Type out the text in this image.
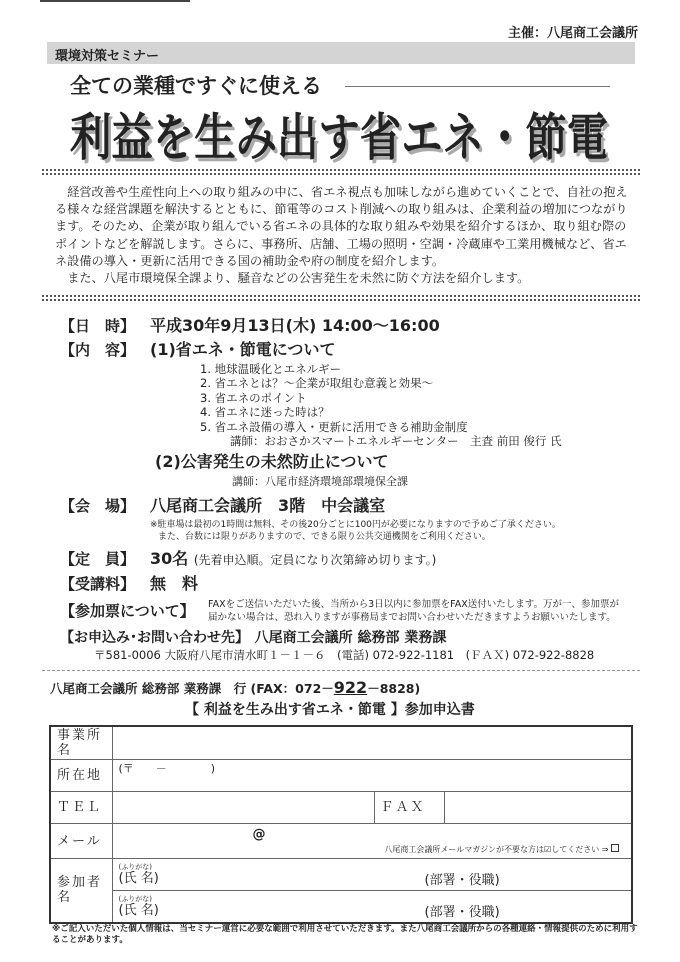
主催：八尾商工会議所
環境対策セミナー
全ての業種ですぐに使える
利益を生み出す省エネ・節電

経営改善や生産性向上への取り組みの中に、省エネ視点も加味しながら進めていくことで、自社の抱える様々な経営課題を解決するとともに、節電等のコスト削減への取り組みは、企業利益の増加につながります。そのため、企業が取り組んでいる省エネの具体的な取り組みや効果を紹介するほか、取り組む際のポイントなどを解説します。さらに、事務所、店舗、工場の照明・空調・冷蔵庫や工業用機械など、省エネ設備の導入・更新に活用できる国の補助金や府の制度を紹介します。

また、八尾市環境保全課より、騒音などの公害発生を未然に防ぐ方法を紹介します。

【日　時】 平成30年9月13日(木) 14:00～16:00
【内　容】 (1)省エネ・節電について
1. 地球温暖化とエネルギー
2. 省エネとは？～企業が取組む意義と効果～
3. 省エネのポイント
4. 省エネに迷った時は？
5. 省エネ設備の導入・更新に活用できる補助金制度
講師：おおさかスマートエネルギーセンター　主査 前田 俊行 氏
(2)公害発生の未然防止について
講師：八尾市経済環境部環境保全課
【会　場】 八尾商工会議所　3階　中会議室
※駐車場は最初の1時間は無料、その後20分ごとに100円が必要になりますので予めご了承ください。
また、台数には限りがありますので、できる限り公共交通機関をご利用ください。
【定　員】 30名 (先着申込順。定員になり次第締め切ります。)
【受講料】 無　料
【参加票について】	FAXをご送信いただいた後、当所から3日以内に参加票をFAX送付いたします。万が一、参加票が
届かない場合は、恐れ入りますが事務局までお問い合わせいただきますようお願いいたします。
【お申込み･お問い合わせ先】 八尾商工会議所 総務部 業務課
〒581-0006 大阪府八尾市清水町１－１－６　(電話) 072-922-1181　(ＦＡＸ) 072-922-8828
八尾商工会議所 総務部 業務課　行 (FAX：072－922－8828)
【 利益を生み出す省エネ・節電 】参加申込書
事業所名			
所在地	(〒　　－　　　　)		
ＴＥＬ		ＦＡＸ	
メール	@
八尾商工会議所メールマガジンが不要な方は☑してください ⇒		

参加者名	(ふりがな)
(氏 名) (部署・役職)		

	(ふりがな)
(氏 名) (部署・役職)		
※ご記入いただいた個人情報は、当セミナー運営に必要な範囲で利用させていただきます。また八尾商工会議所からの各種連絡・情報提供のために利用することがあります。
